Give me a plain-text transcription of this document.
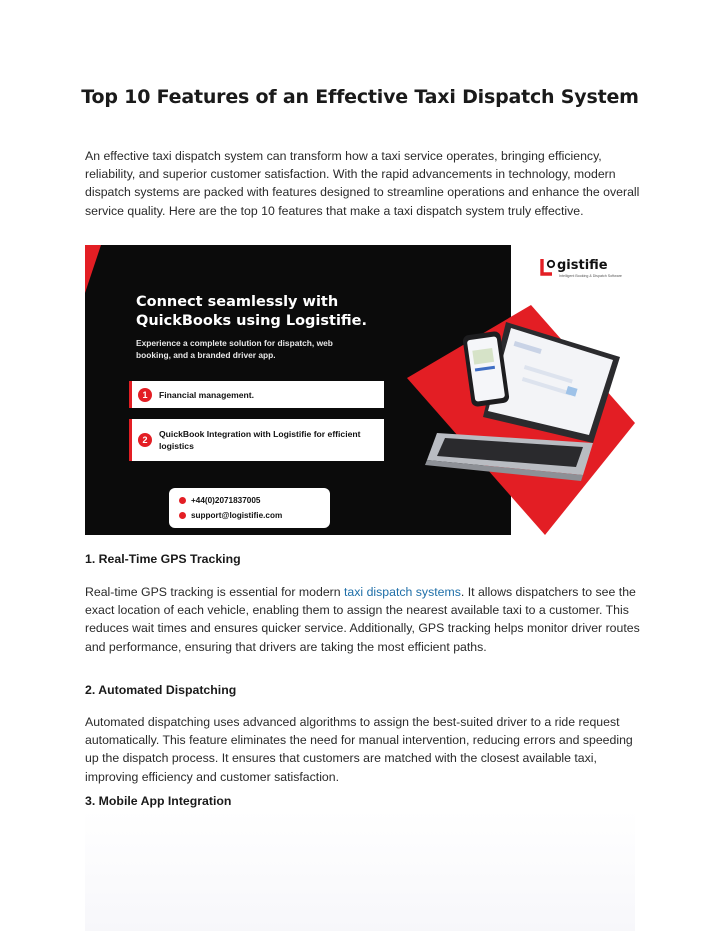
Top 10 Features of an Effective Taxi Dispatch System

An effective taxi dispatch system can transform how a taxi service operates, bringing efficiency, reliability, and superior customer satisfaction. With the rapid advancements in technology, modern dispatch systems are packed with features designed to streamline operations and enhance the overall service quality. Here are the top 10 features that make a taxi dispatch system truly effective.

gistifie
Intelligent Booking & Dispatch Software
Connect seamlessly with
QuickBooks using Logistifie.
Experience a complete solution for dispatch, web booking, and a branded driver app.
1	Financial management.
2
QuickBook Integration with Logistifie for efficient logistics
+44(0)2071837005
support@logistifie.com

1. Real-Time GPS Tracking

Real-time GPS tracking is essential for modern taxi dispatch systems. It allows dispatchers to see the exact location of each vehicle, enabling them to assign the nearest available taxi to a customer. This reduces wait times and ensures quicker service. Additionally, GPS tracking helps monitor driver routes and performance, ensuring that drivers are taking the most efficient paths.

2. Automated Dispatching

Automated dispatching uses advanced algorithms to assign the best-suited driver to a ride request automatically. This feature eliminates the need for manual intervention, reducing errors and speeding up the dispatch process. It ensures that customers are matched with the closest available taxi, improving efficiency and customer satisfaction.

3. Mobile App Integration
